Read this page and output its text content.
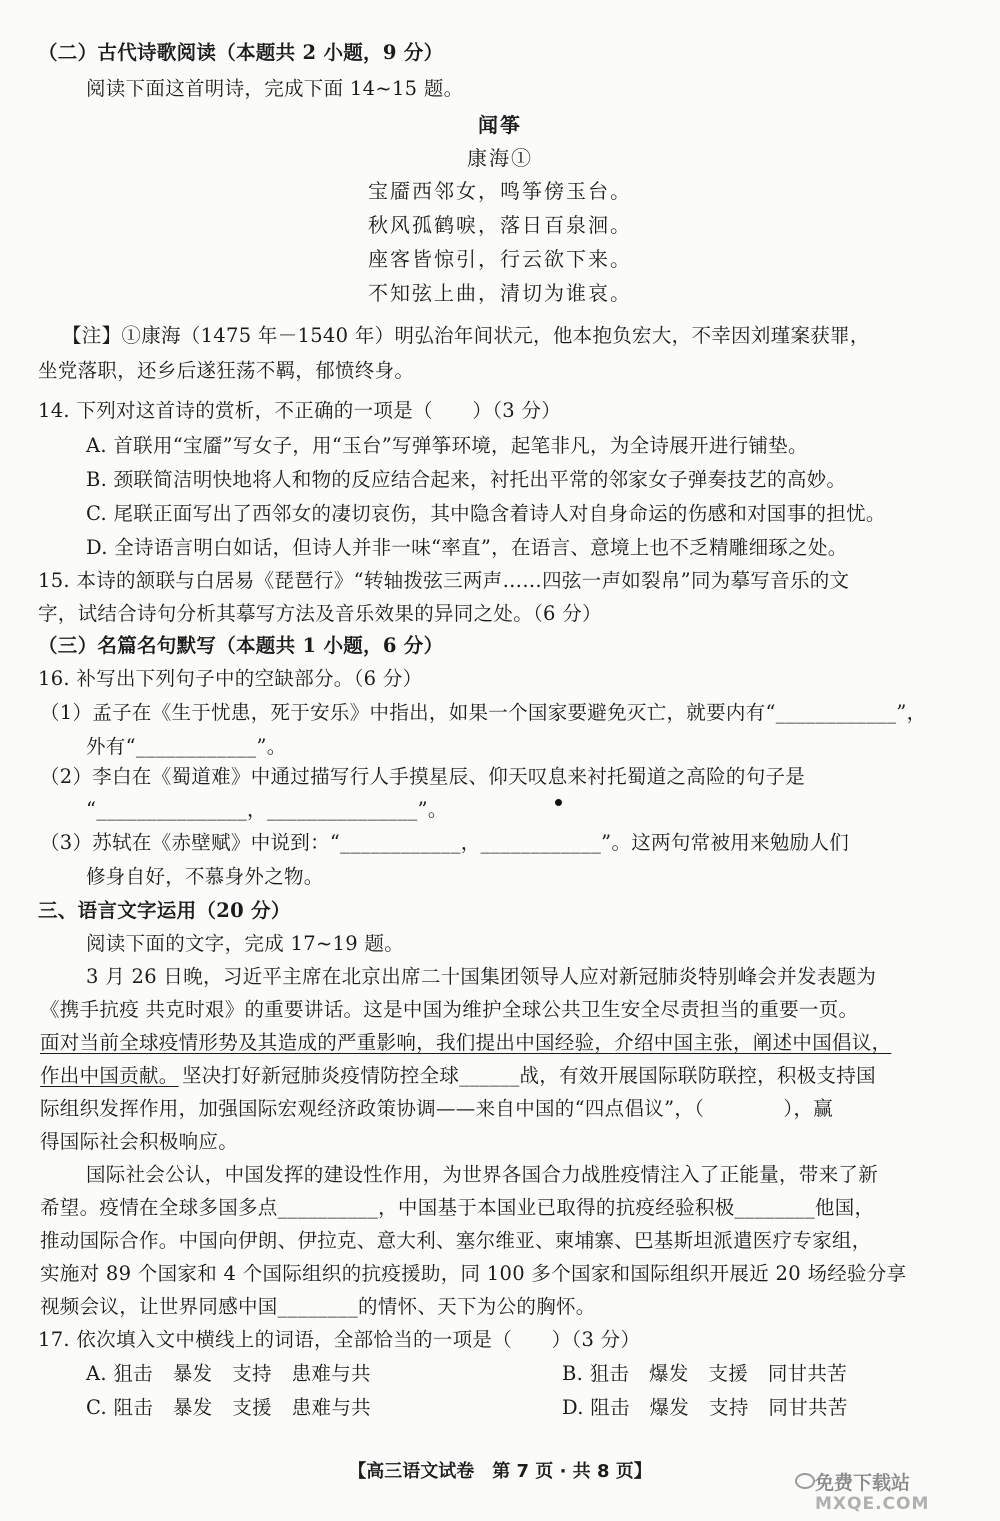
（二）古代诗歌阅读（本题共 2 小题，9 分）
阅读下面这首明诗，完成下面 14~15 题。
闻筝
康海①
宝靥西邻女，鸣筝傍玉台。
秋风孤鹤唳，落日百泉洄。
座客皆惊引，行云欲下来。
不知弦上曲，清切为谁哀。
【注】①康海（1475 年－1540 年）明弘治年间状元，他本抱负宏大，不幸因刘瑾案获罪，
坐党落职，还乡后遂狂荡不羁，郁愤终身。
14. 下列对这首诗的赏析，不正确的一项是（　　）（3 分）
A. 首联用“宝靥”写女子，用“玉台”写弹筝环境，起笔非凡，为全诗展开进行铺垫。
B. 颈联简洁明快地将人和物的反应结合起来，衬托出平常的邻家女子弹奏技艺的高妙。
C. 尾联正面写出了西邻女的凄切哀伤，其中隐含着诗人对自身命运的伤感和对国事的担忧。
D. 全诗语言明白如话，但诗人并非一味“率直”，在语言、意境上也不乏精雕细琢之处。
15. 本诗的颔联与白居易《琵琶行》“转轴拨弦三两声……四弦一声如裂帛”同为摹写音乐的文
字，试结合诗句分析其摹写方法及音乐效果的异同之处。（6 分）
（三）名篇名句默写（本题共 1 小题，6 分）
16. 补写出下列句子中的空缺部分。（6 分）
（1）孟子在《生于忧患，死于安乐》中指出，如果一个国家要避免灭亡，就要内有“____________”，
外有“____________”。
（2）李白在《蜀道难》中通过描写行人手摸星辰、仰天叹息来衬托蜀道之高险的句子是
“_______________，_______________”。
（3）苏轼在《赤壁赋》中说到：“____________，____________”。这两句常被用来勉励人们
修身自好，不慕身外之物。
三、语言文字运用（20 分）
阅读下面的文字，完成 17~19 题。
3 月 26 日晚，习近平主席在北京出席二十国集团领导人应对新冠肺炎特别峰会并发表题为
《携手抗疫 共克时艰》的重要讲话。这是中国为维护全球公共卫生安全尽责担当的重要一页。
面对当前全球疫情形势及其造成的严重影响，我们提出中国经验，介绍中国主张，阐述中国倡议，
作出中国贡献。 坚决打好新冠肺炎疫情防控全球______战，有效开展国际联防联控，积极支持国
际组织发挥作用，加强国际宏观经济政策协调——来自中国的“四点倡议”，（　　　　），赢
得国际社会积极响应。
国际社会公认，中国发挥的建设性作用，为世界各国合力战胜疫情注入了正能量，带来了新
希望。疫情在全球多国多点__________，中国基于本国业已取得的抗疫经验积极________他国，
推动国际合作。中国向伊朗、伊拉克、意大利、塞尔维亚、柬埔寨、巴基斯坦派遣医疗专家组，
实施对 89 个国家和 4 个国际组织的抗疫援助，同 100 多个国家和国际组织开展近 20 场经验分享
视频会议，让世界同感中国________的情怀、天下为公的胸怀。
17. 依次填入文中横线上的词语，全部恰当的一项是（　　）（3 分）
A. 狙击　暴发　支持　患难与共	B. 狙击　爆发　支援　同甘共苦
C. 阻击　暴发　支援　患难与共	D. 阻击　爆发　支持　同甘共苦
【高三语文试卷　第 7 页 · 共 8 页】
免费下载站
MXQE.COM
